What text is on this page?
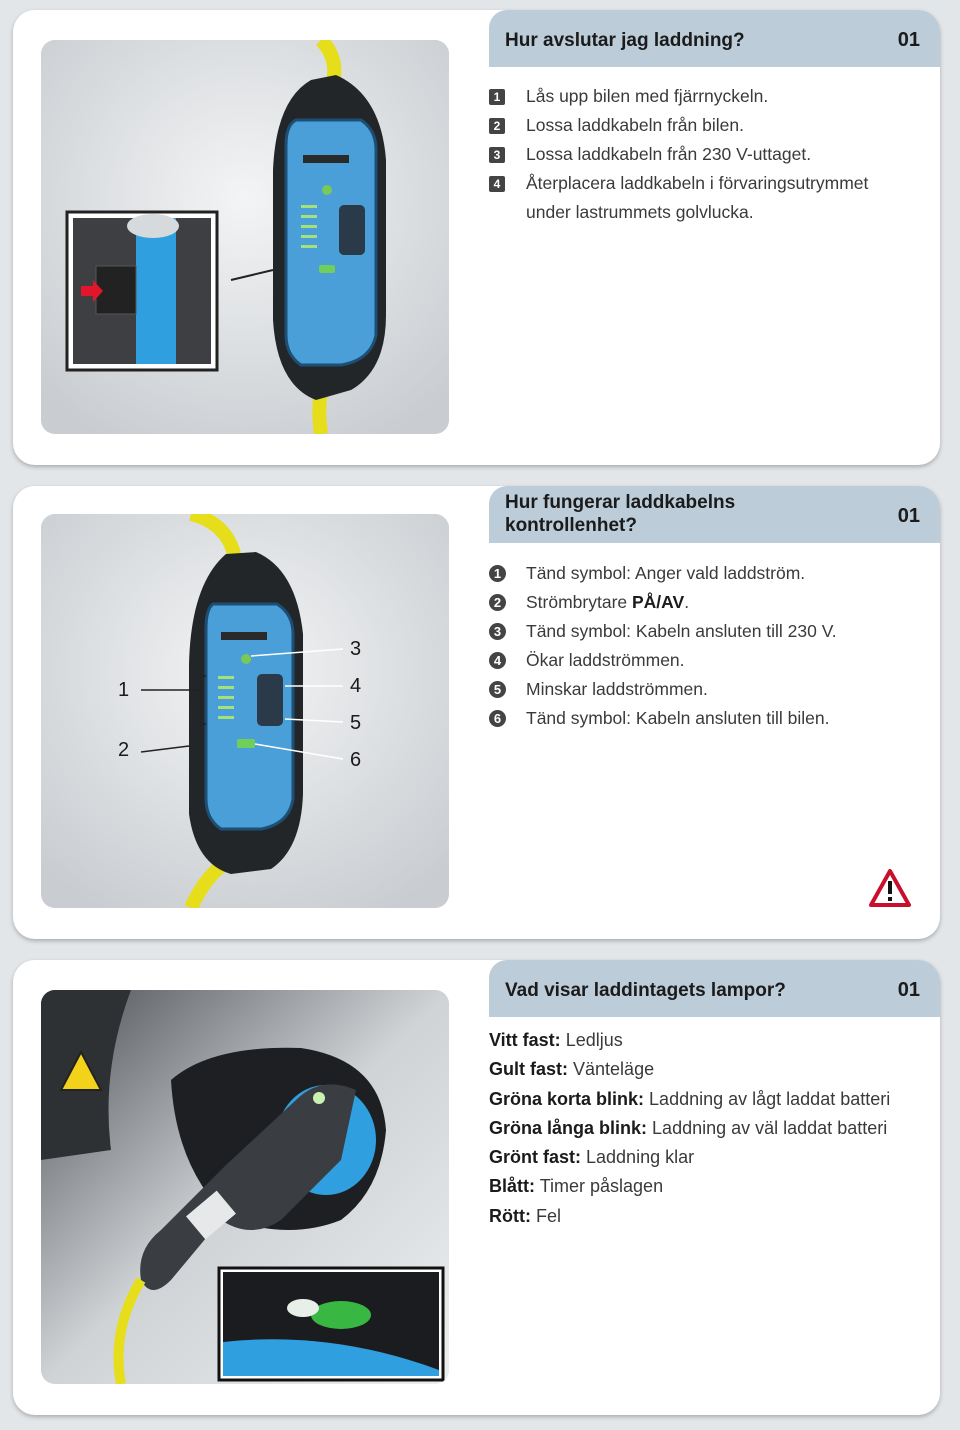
Hur avslutar jag laddning?	01
1 Lås upp bilen med fjärrnyckeln.
2 Lossa laddkabeln från bilen.
3 Lossa laddkabeln från 230 V-uttaget.
4 Återplacera laddkabeln i förvaringsutrymmet under lastrummets golvlucka.
1
2
3
4
5
6
Hur fungerar laddkabelns kontrollenhet?	01
1 Tänd symbol: Anger vald laddström.
2 Strömbrytare PÅ/AV.
3 Tänd symbol: Kabeln ansluten till 230 V.
4 Ökar laddströmmen.
5 Minskar laddströmmen.
6 Tänd symbol: Kabeln ansluten till bilen.
Vad visar laddintagets lampor?	01
Vitt fast: Ledljus
Gult fast: Vänteläge
Gröna korta blink: Laddning av lågt laddat batteri
Gröna långa blink: Laddning av väl laddat batteri
Grönt fast: Laddning klar
Blått: Timer påslagen
Rött: Fel
